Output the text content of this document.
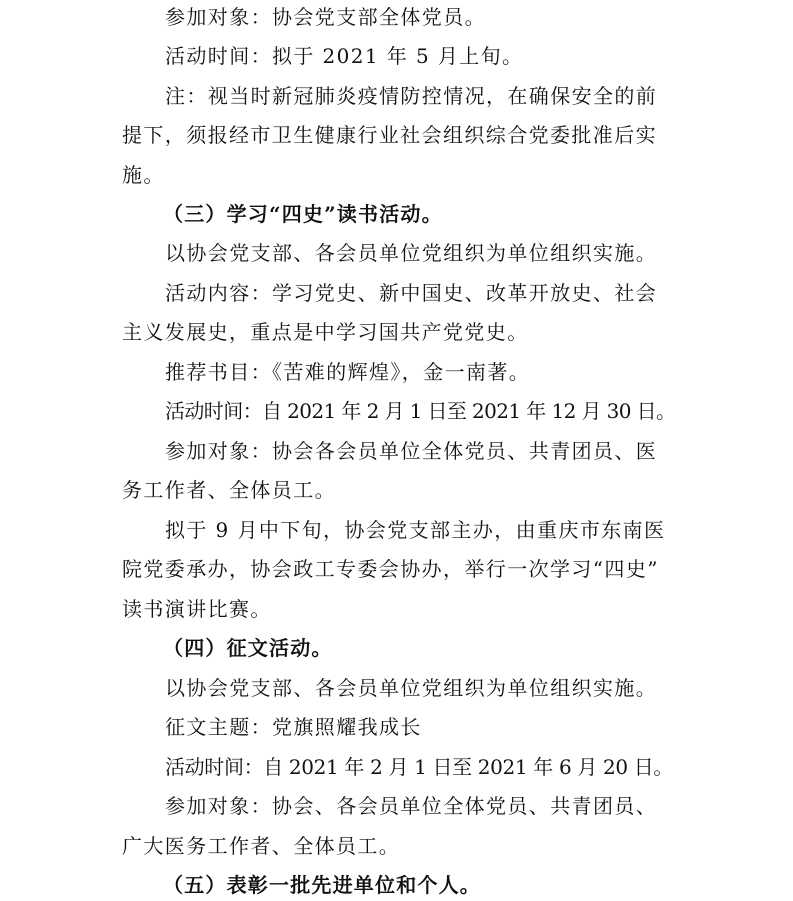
参加对象：协会党支部全体党员。
活动时间：拟于 2021 年 5 月上旬。
注：视当时新冠肺炎疫情防控情况，在确保安全的前
提下，须报经市卫生健康行业社会组织综合党委批准后实
施。
（三）学习“四史”读书活动。
以协会党支部、各会员单位党组织为单位组织实施。
活动内容：学习党史、新中国史、改革开放史、社会
主义发展史，重点是中学习国共产党党史。
推荐书目：《苦难的辉煌》，金一南著。
活动时间：自 2021 年 2 月 1 日至 2021 年 12 月 30 日。
参加对象：协会各会员单位全体党员、共青团员、医
务工作者、全体员工。
拟于 9 月中下旬，协会党支部主办，由重庆市东南医
院党委承办，协会政工专委会协办，举行一次学习“四史”
读书演讲比赛。
（四）征文活动。
以协会党支部、各会员单位党组织为单位组织实施。
征文主题：党旗照耀我成长
活动时间：自 2021 年 2 月 1 日至 2021 年 6 月 20 日。
参加对象：协会、各会员单位全体党员、共青团员、
广大医务工作者、全体员工。
（五）表彰一批先进单位和个人。
